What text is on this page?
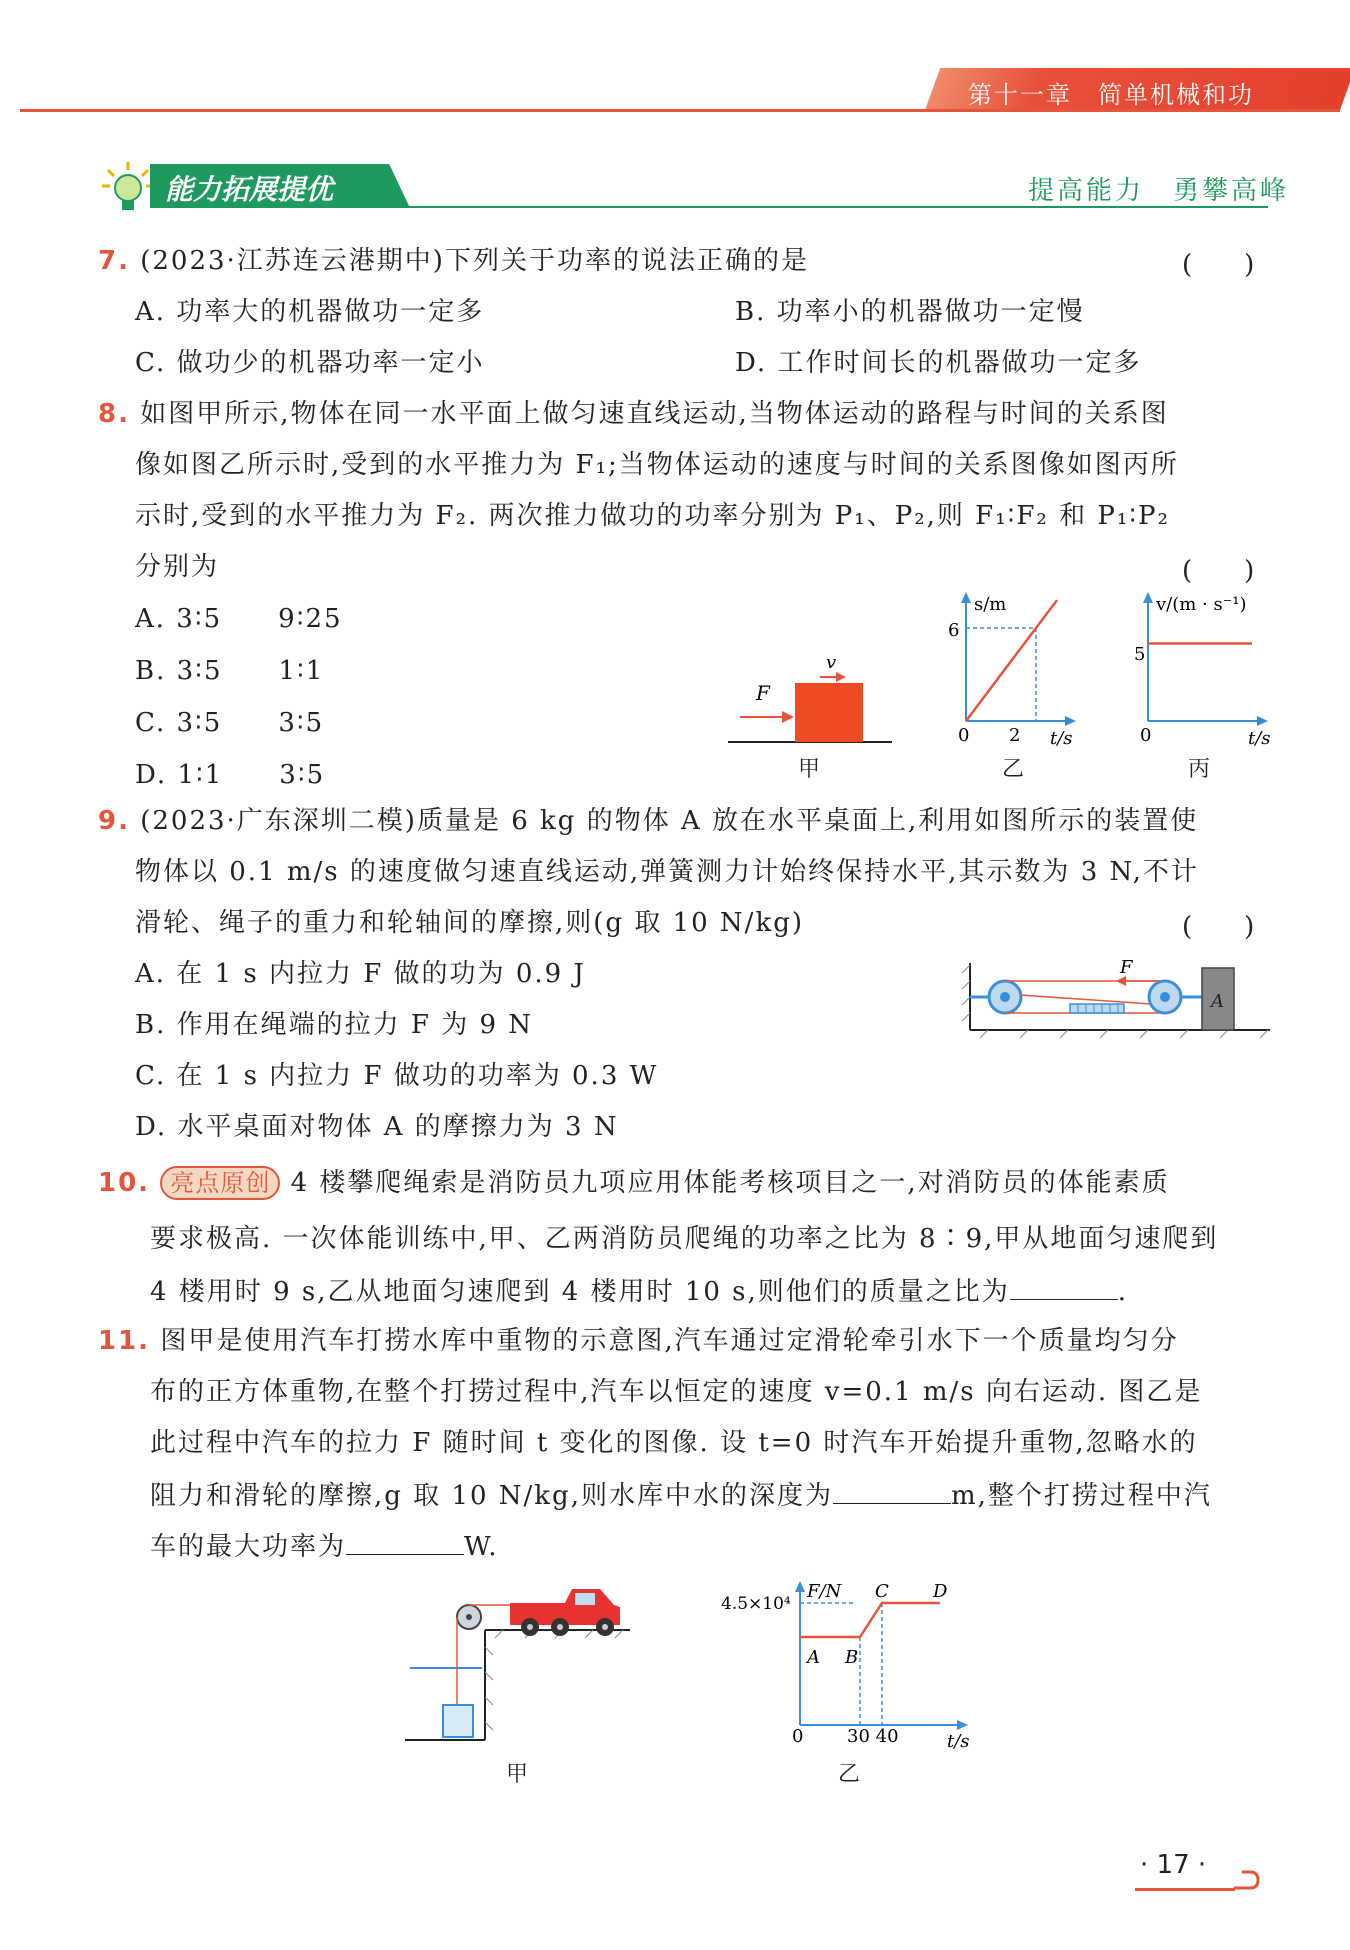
第十一章　简单机械和功
能力拓展提优	提高能力　勇攀高峰
7. (2023·江苏连云港期中)下列关于功率的说法正确的是	(　　)
A. 功率大的机器做功一定多	B. 功率小的机器做功一定慢
C. 做功少的机器功率一定小	D. 工作时间长的机器做功一定多
8. 如图甲所示,物体在同一水平面上做匀速直线运动,当物体运动的路程与时间的关系图
像如图乙所示时,受到的水平推力为 F₁;当物体运动的速度与时间的关系图像如图丙所
示时,受到的水平推力为 F₂. 两次推力做功的功率分别为 P₁、P₂,则 F₁∶F₂ 和 P₁∶P₂
分别为	(　　)
A. 3∶5　　9∶25
B. 3∶5　　1∶1
C. 3∶5　　3∶5
D. 1∶1　　3∶5
F
v
甲
s/m
t/s
6
2
0
乙
v/(m · s⁻¹)
t/s
5
0
丙
9. (2023·广东深圳二模)质量是 6 kg 的物体 A 放在水平桌面上,利用如图所示的装置使
物体以 0.1 m/s 的速度做匀速直线运动,弹簧测力计始终保持水平,其示数为 3 N,不计
滑轮、绳子的重力和轮轴间的摩擦,则(g 取 10 N/kg)	(　　)
A. 在 1 s 内拉力 F 做的功为 0.9 J
B. 作用在绳端的拉力 F 为 9 N
C. 在 1 s 内拉力 F 做功的功率为 0.3 W
D. 水平桌面对物体 A 的摩擦力为 3 N
A
F
10. 亮点原创 4 楼攀爬绳索是消防员九项应用体能考核项目之一,对消防员的体能素质
要求极高. 一次体能训练中,甲、乙两消防员爬绳的功率之比为 8∶9,甲从地面匀速爬到
4 楼用时 9 s,乙从地面匀速爬到 4 楼用时 10 s,则他们的质量之比为	.
11. 图甲是使用汽车打捞水库中重物的示意图,汽车通过定滑轮牵引水下一个质量均匀分
布的正方体重物,在整个打捞过程中,汽车以恒定的速度 v=0.1 m/s 向右运动. 图乙是
此过程中汽车的拉力 F 随时间 t 变化的图像. 设 t=0 时汽车开始提升重物,忽略水的
阻力和滑轮的摩擦,g 取 10 N/kg,则水库中水的深度为	m,整个打捞过程中汽
车的最大功率为	W.
甲
F/N
t/s
4.5×10⁴
0 30 40
A B
C D
乙
· 17 ·
